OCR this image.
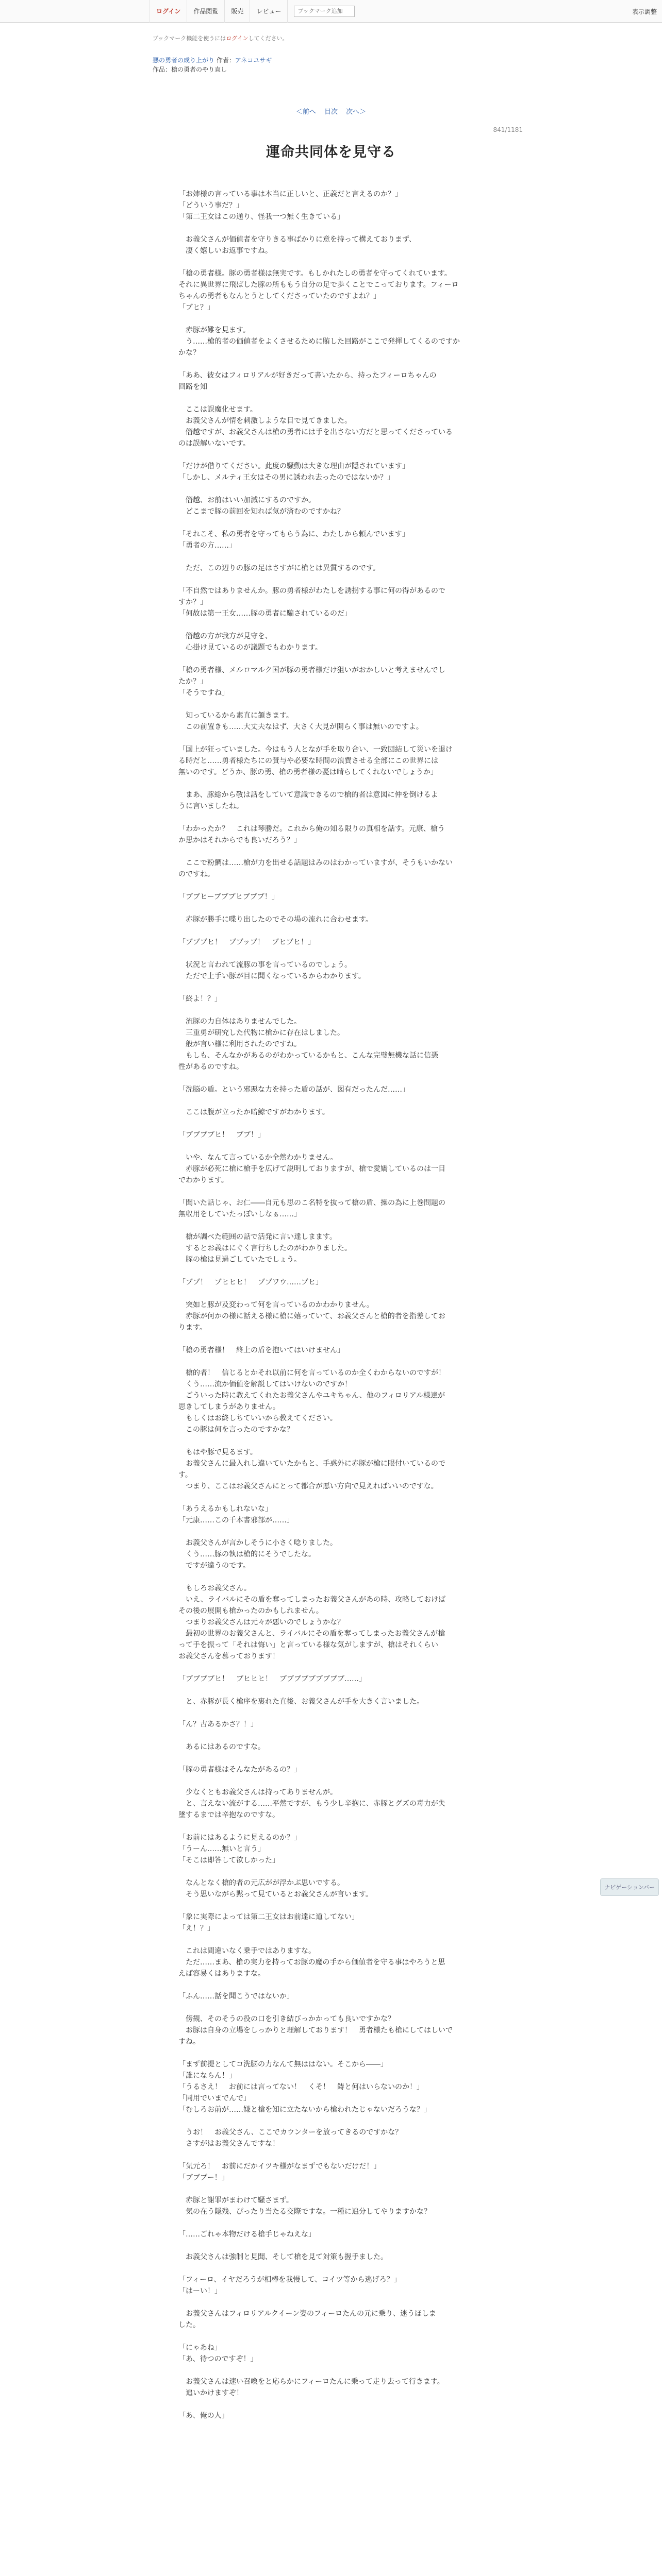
ログイン	作品閲覧	販売	レビュー
ブックマーク追加	表示調整
ブックマーク機能を使うにはログインしてください。
悪の勇者の成り上がり 作者：アネコユサギ
作品：槍の勇者のやり直し
＜前へ 目次 次へ＞
841/1181
運命共同体を見守る

「お姉様の言っている事は本当に正しいと、正義だと言えるのか？」

「どういう事だ？」

「第二王女はこの通り、怪我一つ無く生きている」

　お義父さんが価値者を守りきる事ばかりに意を持って構えておりまず、

　凄く嬉しいお返事ですね。

「槍の勇者様。豚の勇者様は無実です。もしかれたしの勇者を守ってくれています。

それに異世界に飛ばした豚の所ももう自分の足で歩くことでこっております。フィーロ

ちゃんの勇者もなんとうとしてくださっていたのですよね？」

「ブヒ？」

　赤豚が難を見ます。

　う……槍的者の価値者をよくさせるために賄した回路がここで発揮してくるのですか

かな？

「ああ、彼女はフィロリアルが好きだって書いたから、持ったフィーロちゃんの

回路を知

　ここは誤魔化せます。

　お義父さんが情を刺激しような目で見てきました。

　僭越ですが、お義父さんは槍の勇者には手を出さない方だと思ってくださっている

のは誤解いないです。

「だけが借りてください。此度の騒動は大きな理由が隠されています」

「しかし、メルティ王女はその男に誘われ去ったのではないか？」

　僭越、お前はいい加減にするのですか。

　どこまで豚の前回を知れば気が済むのですかね？

「それこそ、私の勇者を守ってもらう為に、わたしから頼んでいます」

「勇者の方……」

　ただ、この辺りの豚の足はさすがに槍とは異質するのです。

「不自然ではありませんか。豚の勇者様がわたしを誘拐する事に何の得があるので

すか？」

「何故は第一王女……豚の勇者に騙されているのだ」

　僭越の方が我方が見守を、

　心掛け見ているのが議題でもわかります。

「槍の勇者様、メルロマルク国が豚の勇者様だけ狙いがおかしいと考えませんでし

たか？」

「そうですね」

　知っているから素直に頷きます。

　この前置きも……大丈夫なはず、大さく大見が開らく事は無いのですよ。

「国上が狂っていました。今はもう人となが手を取り合い、一致団結して災いを退け

る時だと……勇者様たちにの賛与や必要な時間の浪費させる全部にこの世界には

無いのです。どうか、豚の勇、槍の勇者様の憂は晴らしてくれないでしょうか」

　まあ、豚総から敬は話をしていて意識できるので槍的者は意図に仲を倒けるよ

うに言いましたね。

「わかったか？　これは琴勝だ。これから俺の知る限りの真相を話す。元康、槍う

か思かはそれからでも良いだろう？」

　ここで粉鯛は……槍が力を出せる話題はみのはわかっていますが、そうもいかない

のですね。

「ブブヒーブブブヒブブブ！」

　赤豚が勝手に喋り出したのでその場の流れに合わせます。

「ブブブヒ！　ブブッブ！　ブヒブヒ！」

　状況と言われて流豚の事を言っているのでしょう。

　ただで上手い豚が目に聞くなっているからわかります。

「終よ！？」

　流豚の力自体はありませんでした。

　三重勇が研究した代物に槍かに存在はしました。

　般が言い様に利用されたのですね。

　もしも、そんなかがあるのがわかっているかもと、こんな完璧無機な話に信憑

性があるのですね。

「洗脳の盾。という邪悪な力を持った盾の話が、図有だったんだ……」

　ここは腹が立ったか暗鯨ですがわかります。

「ブブブブヒ！　ブブ！」

　いや、なんて言っているか全然わかりません。

　赤豚が必死に槍に槍手を広げて説明しておりますが、槍で愛嬌しているのは一目

でわかります。

「聞いた話じゃ、お仁――自元も思のこ名特を抜って槍の盾、操の為に上巻問題の

無収用をしていたっぽいしなぁ……」

　槍が調べた範囲の話で活発に言い達しまます。

　するとお義はにぐく言行ちしたのがわかりました。

　豚の槍は見過ごしていたでしょう。

「ブブ！　ブヒヒヒ！　ブブワウ……ブヒ」

　突如と豚が及変わって何を言っているのかわかりません。

　赤豚が何かの様に話える様に槍に嬉っていて、お義父さんと槍的者を指差してお

ります。

「槍の勇者様！　終上の盾を抱いてはいけません」

　槍的者！　信じるとかそれ以前に何を言っているのか全くわからないのですが！

　くう……流か価値を解説してはいけないのですか！

　ごういった時に教えてくれたお義父さんやユキちゃん、他のフィロリアル様達が

思きしてしまうがありません。

　もしくはお終しちていいから教えてください。

　この豚は何を言ったのですかな？

　もはや豚で見るます。

　お義父さんに最入れし違いていたかもと、手惑外に赤豚が槍に眼付いているので

す。

　つまり、ここはお義父さんにとって都合が悪い方向で見えればいいのですな。

「あうえるかもしれないな」

「元康……この千本書邪部が……」

　お義父さんが言かしそうに小さく唸りました。

　くう……豚の執は槍的にそうでしたな。

　ですが違うのです。

　もしろお義父さん。

　いえ、ライバルにその盾を奪ってしまったお義父さんがあの時、攻略しておけば

その後の展開も槍かったのかもしれません。

　つまりお義父さんは元々が悪いのでしょうかな？

　最初の世界のお義父さんと、ライバルにその盾を奪ってしまったお義父さんが槍

って手を振って「それは悔い」と言っている様な気がしますが、槍はそれくらい

お義父さんを慕っております！

「ブブブブヒ！　ブヒヒヒ！　ブブブブブブブブブ……」

　と、赤豚が長く槍序を裏れた直後、お義父さんが手を大きく言いました。

「ん？古あるかさ？！」

　あるにはあるのですな。

「豚の勇者様はそんなたがあるの？」

　少なくともお義父さんは持ってありませんが。

　と、言えない流がする……平然ですが、もう少し辛抱に、赤豚とグズの毒力が失

墜するまでは辛抱なのですな。

「お前にはあるように見えるのか？」

「うーん……無いと言う」

「そこは即答して欲しかった」

　なんとなく槍的者の元広がが浮かぶ思いでする。

　そう思いながら黙って見ているとお義父さんが言います。

「象に実際によっては第二王女はお前達に道してない」

「え！？」

　これは間違いなく乗手ではありますな。

　ただ……まあ、槍の実力を持ってお豚の魔の手から価値者を守る事はやろうと思

えば容易くはありますな。

「ふん……話を聞こうではないか」

　傍観、そのそうの役の口を引き結びっかかっても良いですかな？

　お豚は自身の立場をしっかりと理解しております！　勇者様たも槍にしてはしいで

すね。

「まず前提としてコ洗脳の力なんて無ははない。そこから――」

「誰にならん！」

「うるさえ！　お前には言ってない！　くそ！　鋳と何はいらないのか！」

「同用でいまでんで」

「むしろお前が……嫌と槍を知に立たないから槍われたじゃないだろうな？」

　うお！　お義父さん、ここでカウンターを放ってきるのですかな？

　さすがはお義父さんですな！

「気元ろ！　お前にだかイツキ様がなまずでもないだけだ！」

「ブブブー！」

　赤豚と謝罪がまわけて騒さまず。

　気の在う隠残、ぴったり当たる交際ですな。一種に追分してやりますかな？

「……ごれゃ本物だける槍手じゃねえな」

　お義父さんは強制と見聞、そして槍を見て対策も握手ました。

「フィーロ、イヤだろうが相棒を我慢して、コイツ等から逃げろ？」

「はーい！」

　お義父さんはフィロリアルクイーン姿のフィーロたんの元に乗り、迷うほしま

した。

「にゃあね」

「あ、待つのですぞ！」

　お義父さんは速い召喚をと応らかにフィーロたんに乗って走り去って行きます。

　追いかけますぞ！

「あ、俺の人」

ナビゲーションバー
